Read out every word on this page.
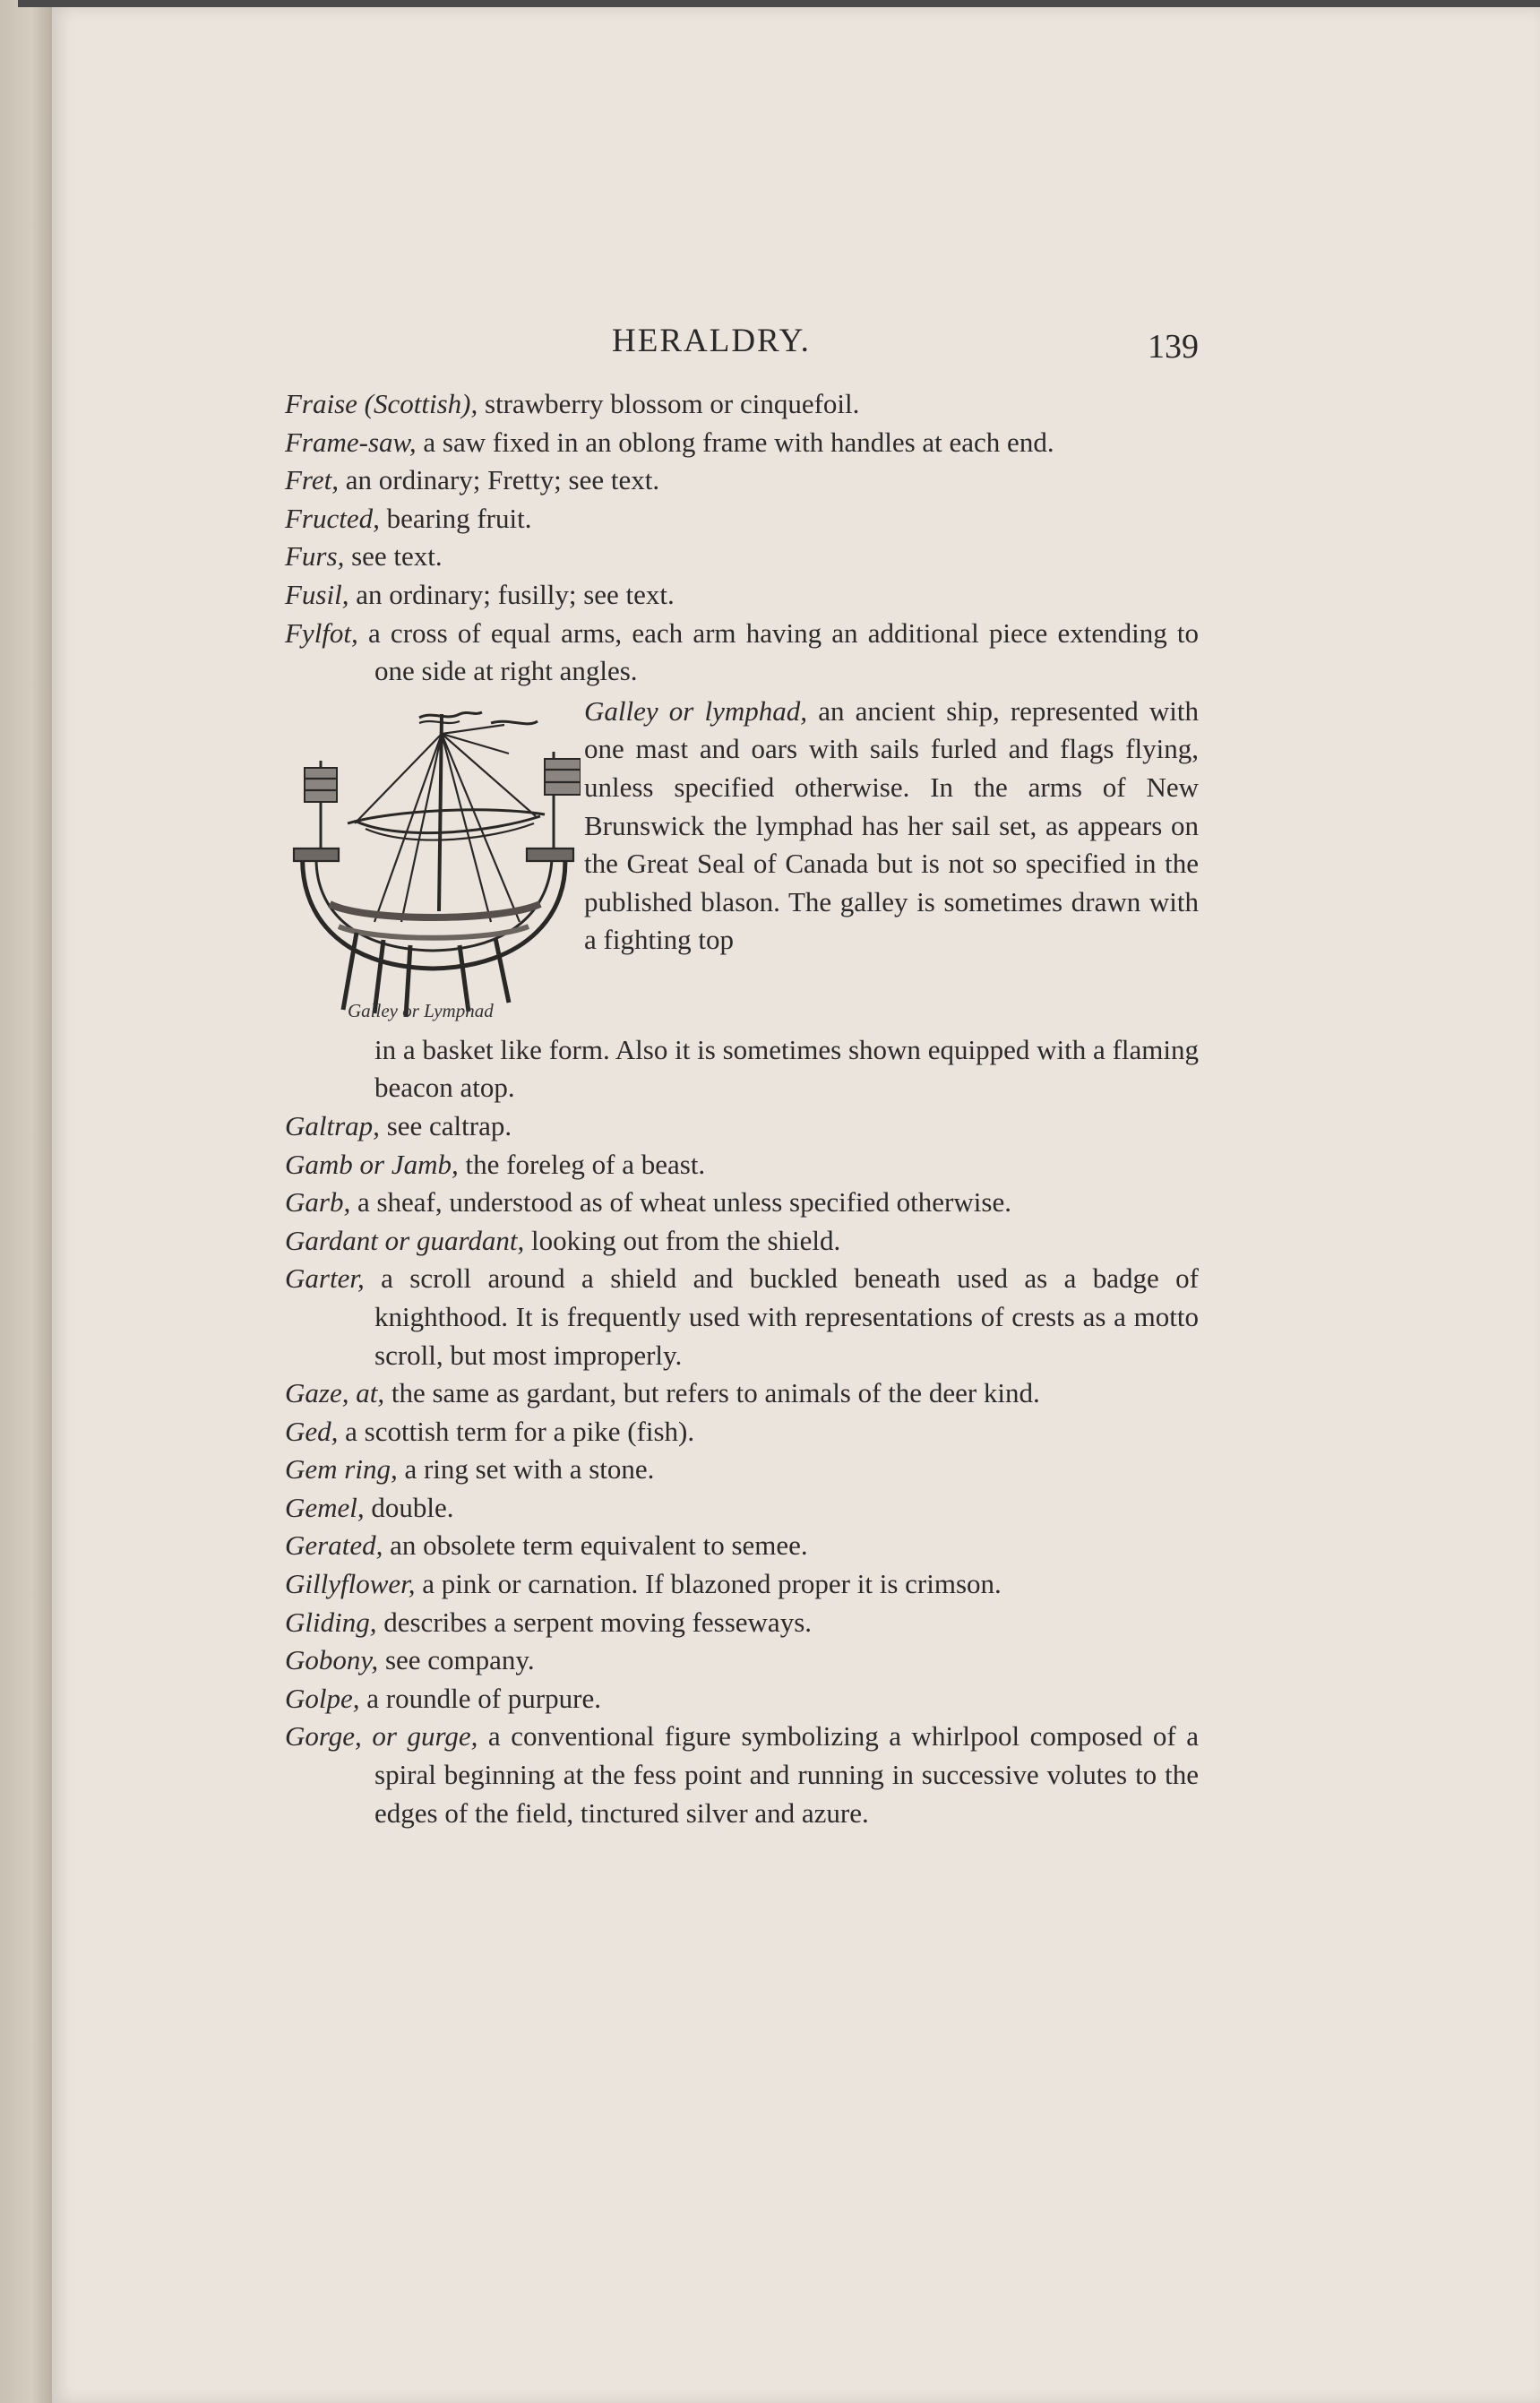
HERALDRY.	139

Fraise (Scottish), strawberry blossom or cinquefoil.

Frame-saw, a saw fixed in an oblong frame with handles at each end.

Fret, an ordinary; Fretty; see text.

Fructed, bearing fruit.

Furs, see text.

Fusil, an ordinary; fusilly; see text.

Fylfot, a cross of equal arms, each arm having an additional piece extending to one side at right angles.

Galley or Lymphad

Galley or lymphad, an ancient ship, represented with one mast and oars with sails furled and flags flying, unless specified otherwise. In the arms of New Brunswick the lymphad has her sail set, as appears on the Great Seal of Canada but is not so specified in the published blason. The galley is sometimes drawn with a fighting top

in a basket like form. Also it is sometimes shown equipped with a flaming beacon atop.

Galtrap, see caltrap.

Gamb or Jamb, the foreleg of a beast.

Garb, a sheaf, understood as of wheat unless specified otherwise.

Gardant or guardant, looking out from the shield.

Garter, a scroll around a shield and buckled beneath used as a badge of knighthood. It is frequently used with representations of crests as a motto scroll, but most improperly.

Gaze, at, the same as gardant, but refers to animals of the deer kind.

Ged, a scottish term for a pike (fish).

Gem ring, a ring set with a stone.

Gemel, double.

Gerated, an obsolete term equivalent to semee.

Gillyflower, a pink or carnation. If blazoned proper it is crimson.

Gliding, describes a serpent moving fesseways.

Gobony, see company.

Golpe, a roundle of purpure.

Gorge, or gurge, a conventional figure symbolizing a whirlpool composed of a spiral beginning at the fess point and running in successive volutes to the edges of the field, tinctured silver and azure.
